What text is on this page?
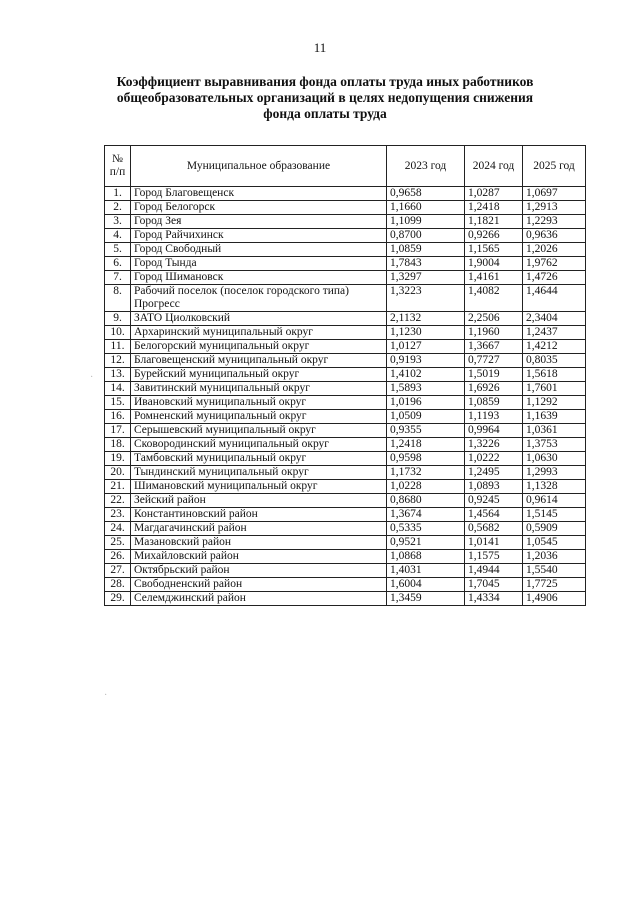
11
Коэффициент выравнивания фонда оплаты труда иных работников
общеобразовательных организаций в целях недопущения снижения
фонда оплаты труда
·
·
№
п/п	Муниципальное образование	2023 год	2024 год	2025 год
1.	Город Благовещенск	0,9658	1,0287	1,0697
2.	Город Белогорск	1,1660	1,2418	1,2913
3.	Город Зея	1,1099	1,1821	1,2293
4.	Город Райчихинск	0,8700	0,9266	0,9636
5.	Город Свободный	1,0859	1,1565	1,2026
6.	Город Тында	1,7843	1,9004	1,9762
7.	Город Шимановск	1,3297	1,4161	1,4726
8.	Рабочий поселок (поселок городского типа) Прогресс	1,3223	1,4082	1,4644
9.	ЗАТО Циолковский	2,1132	2,2506	2,3404
10.	Архаринский муниципальный округ	1,1230	1,1960	1,2437
11.	Белогорский муниципальный округ	1,0127	1,3667	1,4212
12.	Благовещенский муниципальный округ	0,9193	0,7727	0,8035
13.	Бурейский муниципальный округ	1,4102	1,5019	1,5618
14.	Завитинский муниципальный округ	1,5893	1,6926	1,7601
15.	Ивановский муниципальный округ	1,0196	1,0859	1,1292
16.	Ромненский муниципальный округ	1,0509	1,1193	1,1639
17.	Серышевский муниципальный округ	0,9355	0,9964	1,0361
18.	Сковородинский муниципальный округ	1,2418	1,3226	1,3753
19.	Тамбовский муниципальный округ	0,9598	1,0222	1,0630
20.	Тындинский муниципальный округ	1,1732	1,2495	1,2993
21.	Шимановский муниципальный округ	1,0228	1,0893	1,1328
22.	Зейский район	0,8680	0,9245	0,9614
23.	Константиновский район	1,3674	1,4564	1,5145
24.	Магдагачинский район	0,5335	0,5682	0,5909
25.	Мазановский район	0,9521	1,0141	1,0545
26.	Михайловский район	1,0868	1,1575	1,2036
27.	Октябрьский район	1,4031	1,4944	1,5540
28.	Свободненский район	1,6004	1,7045	1,7725
29.	Селемджинский район	1,3459	1,4334	1,4906
